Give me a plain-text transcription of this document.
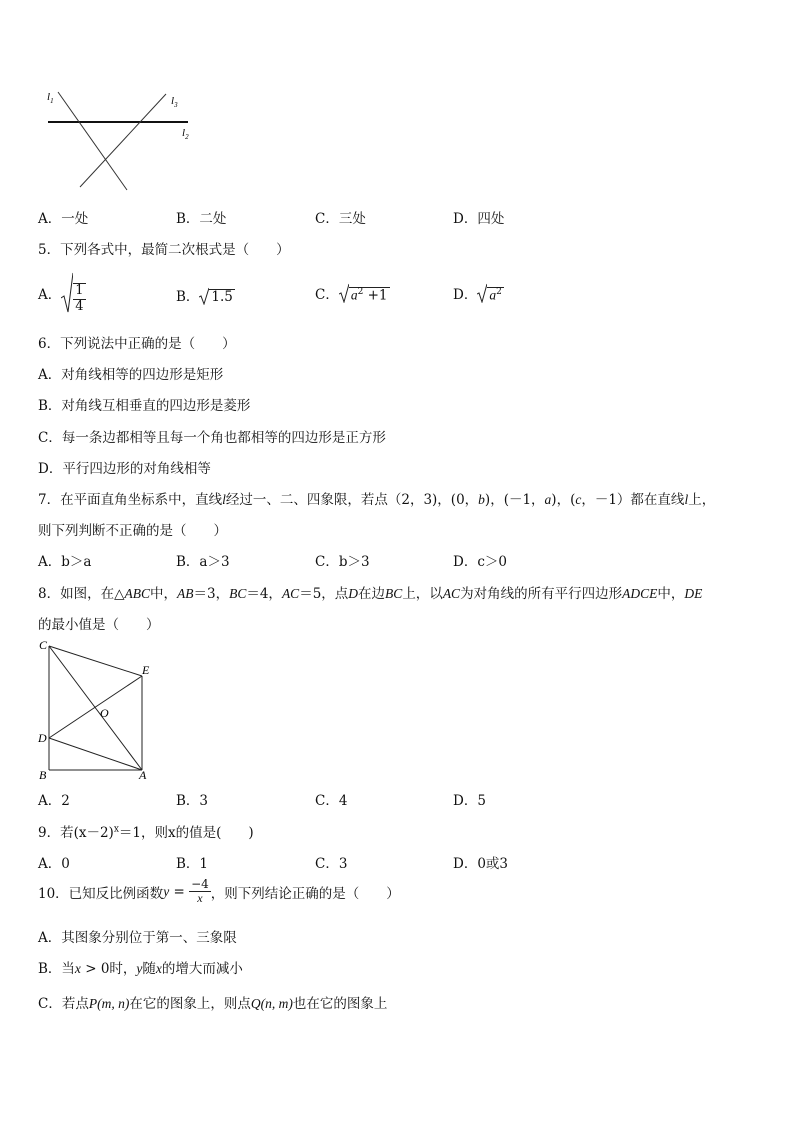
$l_1$	$l_3$
$l_2$
A．一处	B．二处	C．三处	D．四处
5．下列各式中，最简二次根式是（　　）
A． $\frac{1}{4}$	B． 1.5	C． $a^2 +1$	D． $a^2$
6．下列说法中正确的是（　　）
A．对角线相等的四边形是矩形
B．对角线互相垂直的四边形是菱形
C．每一条边都相等且每一个角也都相等的四边形是正方形
D．平行四边形的对角线相等
7．在平面直角坐标系中，直线l经过一、二、四象限，若点（2，3)，(0，b)，(－1，a)，(c，－1）都在直线l上，
则下列判断不正确的是（　　）
A．b＞a	B．a＞3	C．b＞3	D．c＞0
8．如图，在△ABC中，AB＝3，BC＝4，AC＝5，点D在边BC上，以AC为对角线的所有平行四边形ADCE中，DE
的最小值是（　　）
C
E
O
D
B	A
A．2	B．3	C．4	D．5
9．若$(x-2)^x=1$，则x的值是(　　)
A．0	B．1	C．3	D．0或3
10．已知反比例函数 $y = \frac{-4}{x}$ ，则下列结论正确的是（　　）
A．其图象分别位于第一、三象限
B．当x > 0时，y随x的增大而减小
C．若点P(m, n)在它的图象上，则点Q(n, m)也在它的图象上
